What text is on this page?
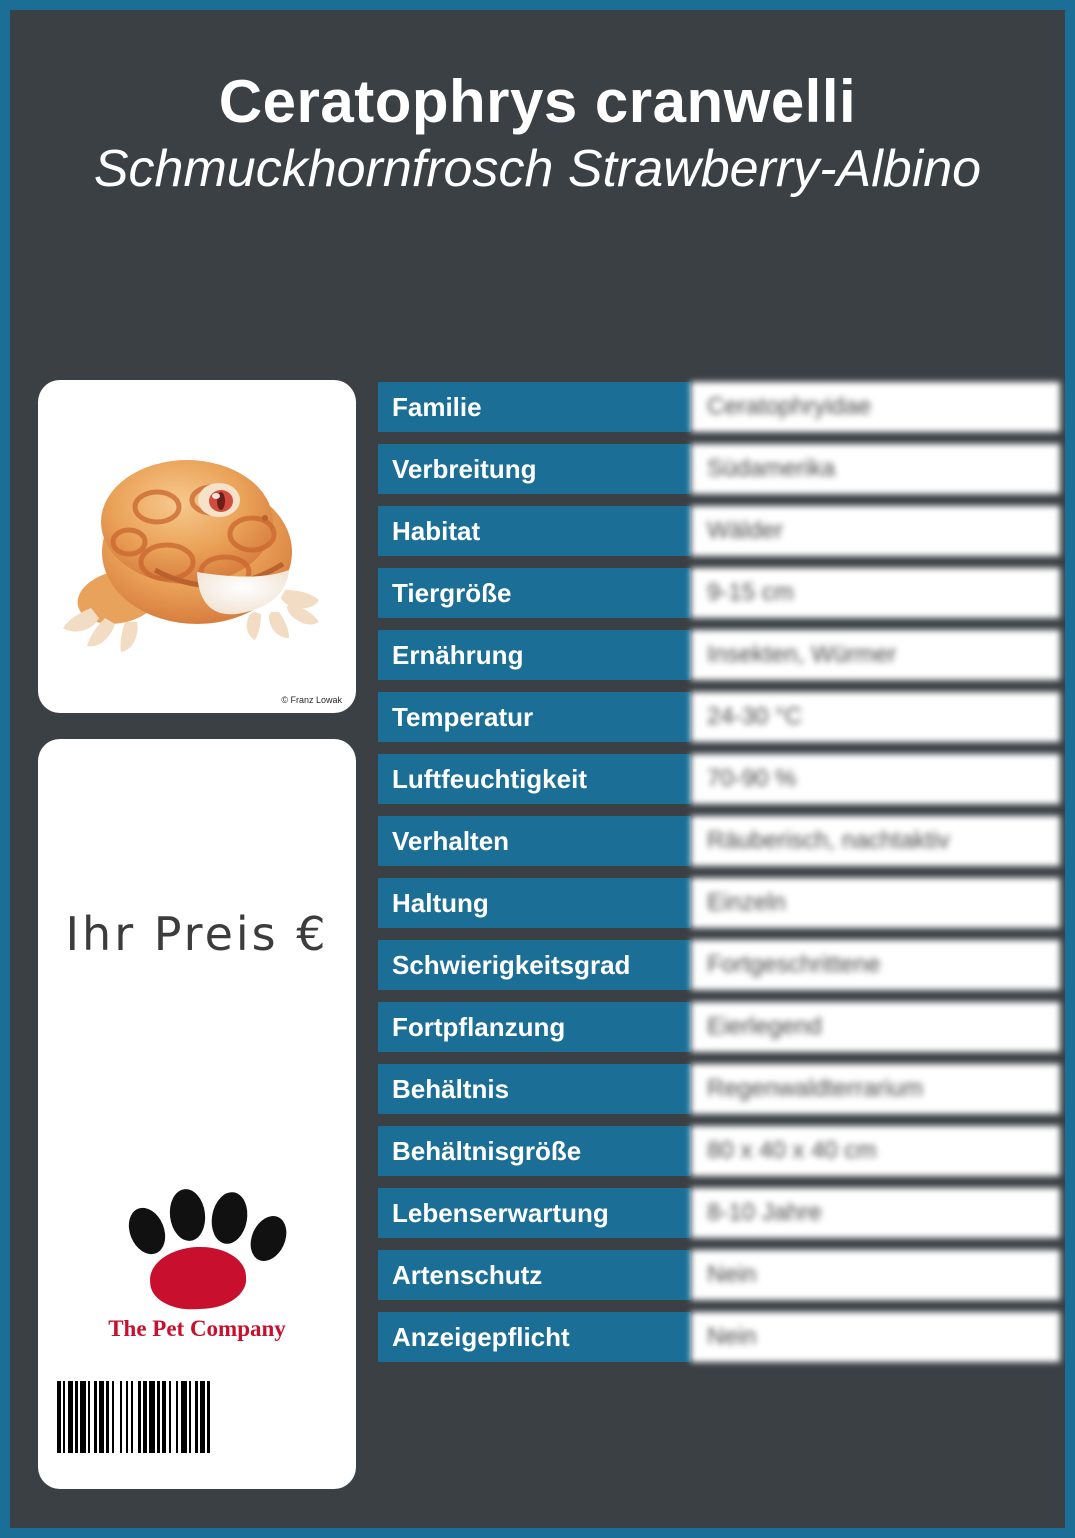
Ceratophrys cranwelli
Schmuckhornfrosch Strawberry-Albino
© Franz Lowak
Ihr Preis €
The Pet Company
Familie	Ceratophryidae
Verbreitung	Südamerika
Habitat	Wälder
Tiergröße	9-15 cm
Ernährung	Insekten, Würmer
Temperatur	24-30 °C
Luftfeuchtigkeit	70-90 %
Verhalten	Räuberisch, nachtaktiv
Haltung	Einzeln
Schwierigkeitsgrad	Fortgeschrittene
Fortpflanzung	Eierlegend
Behältnis	Regenwaldterrarium
Behältnisgröße	80 x 40 x 40 cm
Lebenserwartung	8-10 Jahre
Artenschutz	Nein
Anzeigepflicht	Nein
